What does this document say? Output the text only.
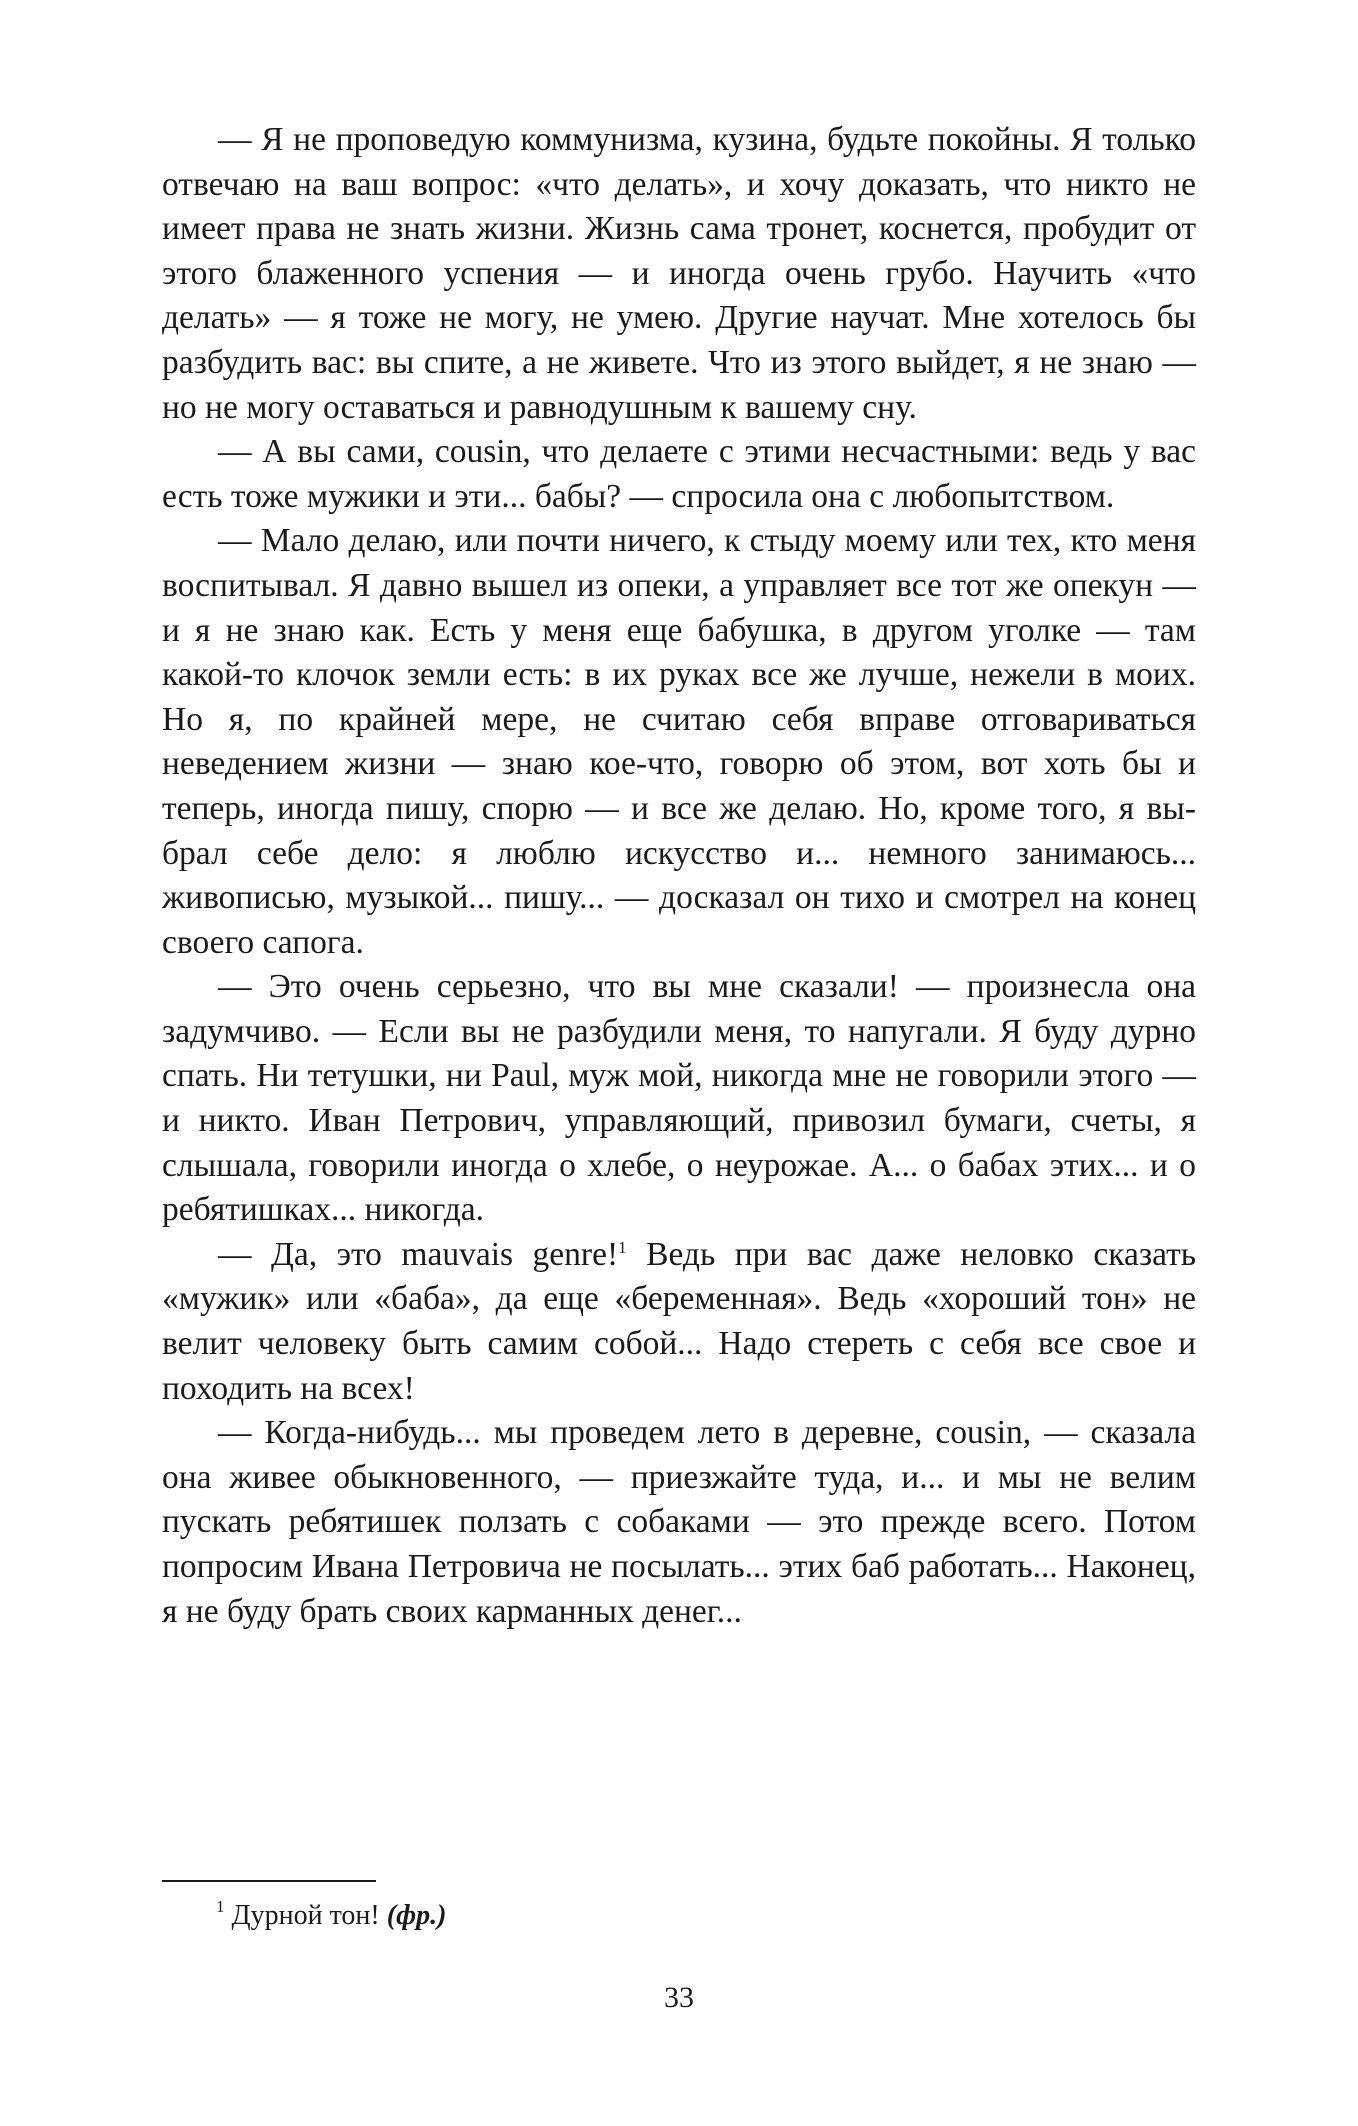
— Я не проповедую коммунизма, кузина, будьте покойны. Я только отвечаю на ваш вопрос: «что делать», и хочу доказать, что никто не имеет права не знать жизни. Жизнь сама тронет, коснется, пробудит от этого блаженного успения — и иногда очень грубо. Научить «что делать» — я тоже не могу, не умею. Другие научат. Мне хотелось бы разбудить вас: вы спите, а не живете. Что из этого выйдет, я не знаю — но не могу оставаться и равнодушным к вашему сну.

— А вы сами, cousin, что делаете с этими несчастными: ведь у вас есть тоже мужики и эти... бабы? — спросила она с любопытством.

— Мало делаю, или почти ничего, к стыду моему или тех, кто меня воспитывал. Я давно вышел из опеки, а управляет все тот же опекун — и я не знаю как. Есть у меня еще бабушка, в другом уголке — там какой-то клочок земли есть: в их руках все же лучше, нежели в моих. Но я, по крайней мере, не считаю себя вправе отговариваться неведением жизни — знаю кое-что, говорю об этом, вот хоть бы и теперь, иногда пишу, спорю — и все же делаю. Но, кроме того, я выбрал себе дело: я люблю искусство и... немного занимаюсь... живописью, музыкой... пишу... — досказал он тихо и смотрел на конец своего сапога.

— Это очень серьезно, что вы мне сказали! — произнесла она задумчиво. — Если вы не разбудили меня, то напугали. Я буду дурно спать. Ни тетушки, ни Paul, муж мой, никогда мне не говорили этого — и никто. Иван Петрович, управляющий, привозил бумаги, счеты, я слышала, говорили иногда о хлебе, о неурожае. А... о бабах этих... и о ребятишках... никогда.

— Да, это mauvais genre!$^1$ Ведь при вас даже неловко сказать «мужик» или «баба», да еще «беременная». Ведь «хороший тон» не велит человеку быть самим собой... Надо стереть с себя все свое и походить на всех!

— Когда-нибудь... мы проведем лето в деревне, cousin, — сказала она живее обыкновенного, — приезжайте туда, и... и мы не велим пускать ребятишек ползать с собаками — это прежде всего. Потом попросим Ивана Петровича не посылать... этих баб работать... Наконец, я не буду брать своих карманных денег...

$^1$ Дурной тон! (фр.)
33
